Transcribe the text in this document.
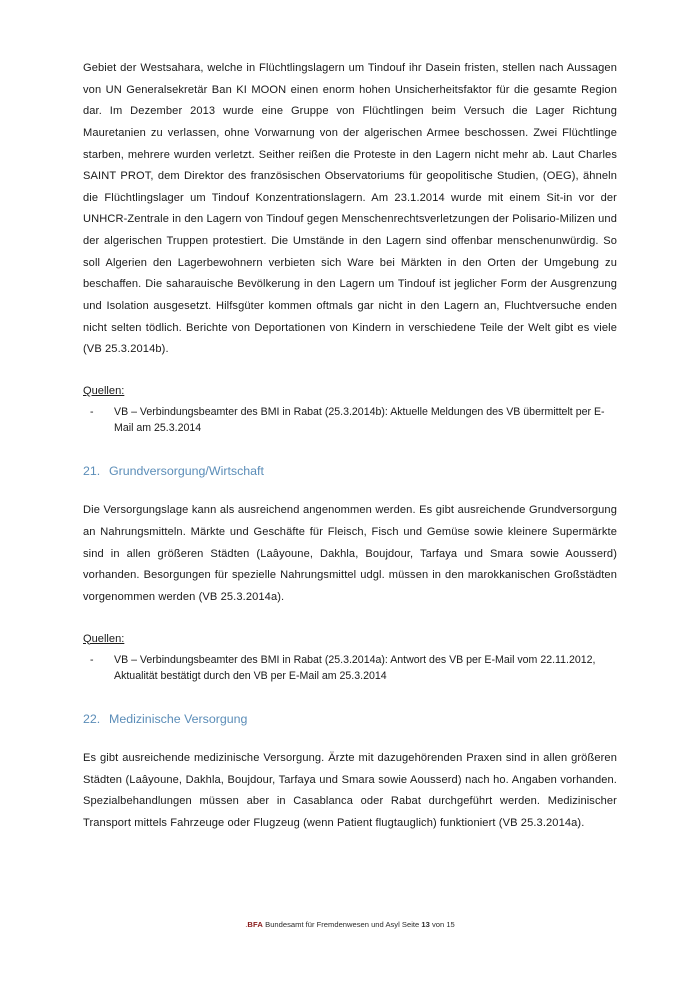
Gebiet der Westsahara, welche in Flüchtlingslagern um Tindouf ihr Dasein fristen, stellen nach Aussagen von UN Generalsekretär Ban KI MOON einen enorm hohen Unsicherheitsfaktor für die gesamte Region dar. Im Dezember 2013 wurde eine Gruppe von Flüchtlingen beim Versuch die Lager Richtung Mauretanien zu verlassen, ohne Vorwarnung von der algerischen Armee beschossen. Zwei Flüchtlinge starben, mehrere wurden verletzt. Seither reißen die Proteste in den Lagern nicht mehr ab. Laut Charles SAINT PROT, dem Direktor des französischen Observatoriums für geopolitische Studien, (OEG), ähneln die Flüchtlingslager um Tindouf Konzentrationslagern. Am 23.1.2014 wurde mit einem Sit-in vor der UNHCR-Zentrale in den Lagern von Tindouf gegen Menschenrechtsverletzungen der Polisario-Milizen und der algerischen Truppen protestiert. Die Umstände in den Lagern sind offenbar menschenunwürdig. So soll Algerien den Lagerbewohnern verbieten sich Ware bei Märkten in den Orten der Umgebung zu beschaffen. Die saharauische Bevölkerung in den Lagern um Tindouf ist jeglicher Form der Ausgrenzung und Isolation ausgesetzt. Hilfsgüter kommen oftmals gar nicht in den Lagern an, Fluchtversuche enden nicht selten tödlich. Berichte von Deportationen von Kindern in verschiedene Teile der Welt gibt es viele (VB 25.3.2014b).

Quellen:
- VB – Verbindungsbeamter des BMI in Rabat (25.3.2014b): Aktuelle Meldungen des VB übermittelt per E-Mail am 25.3.2014
21. Grundversorgung/Wirtschaft

Die Versorgungslage kann als ausreichend angenommen werden. Es gibt ausreichende Grundversorgung an Nahrungsmitteln. Märkte und Geschäfte für Fleisch, Fisch und Gemüse sowie kleinere Supermärkte sind in allen größeren Städten (Laâyoune, Dakhla, Boujdour, Tarfaya und Smara sowie Aousserd) vorhanden. Besorgungen für spezielle Nahrungsmittel udgl. müssen in den marokkanischen Großstädten vorgenommen werden (VB 25.3.2014a).

Quellen:
- VB – Verbindungsbeamter des BMI in Rabat (25.3.2014a): Antwort des VB per E-Mail vom 22.11.2012, Aktualität bestätigt durch den VB per E-Mail am 25.3.2014
22. Medizinische Versorgung

Es gibt ausreichende medizinische Versorgung. Ärzte mit dazugehörenden Praxen sind in allen größeren Städten (Laâyoune, Dakhla, Boujdour, Tarfaya und Smara sowie Aousserd) nach ho. Angaben vorhanden. Spezialbehandlungen müssen aber in Casablanca oder Rabat durchgeführt werden. Medizinischer Transport mittels Fahrzeuge oder Flugzeug (wenn Patient flugtauglich) funktioniert (VB 25.3.2014a).

.BFA Bundesamt für Fremdenwesen und Asyl Seite 13 von 15
